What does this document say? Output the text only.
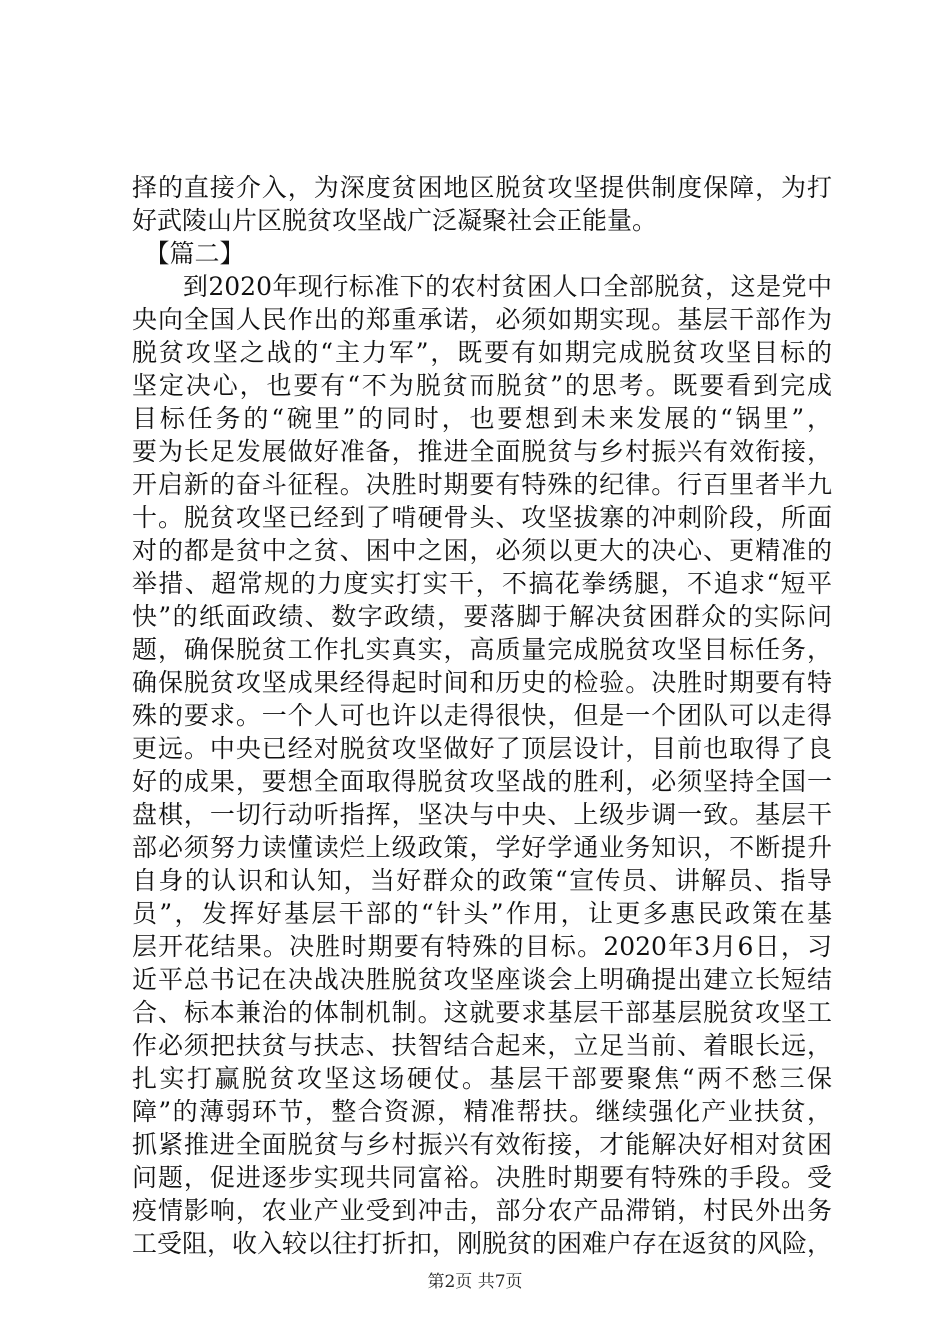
择的直接介入，为深度贫困地区脱贫攻坚提供制度保障，为打
好武陵山片区脱贫攻坚战广泛凝聚社会正能量。
　【篇二】
　　到2020年现行标准下的农村贫困人口全部脱贫，这是党中
央向全国人民作出的郑重承诺，必须如期实现。基层干部作为
脱贫攻坚之战的“主力军”，既要有如期完成脱贫攻坚目标的
坚定决心，也要有“不为脱贫而脱贫”的思考。既要看到完成
目标任务的“碗里”的同时，也要想到未来发展的“锅里”，
要为长足发展做好准备，推进全面脱贫与乡村振兴有效衔接，
开启新的奋斗征程。决胜时期要有特殊的纪律。行百里者半九
十。脱贫攻坚已经到了啃硬骨头、攻坚拔寨的冲刺阶段，所面
对的都是贫中之贫、困中之困，必须以更大的决心、更精准的
举措、超常规的力度实打实干，不搞花拳绣腿，不追求“短平
快”的纸面政绩、数字政绩，要落脚于解决贫困群众的实际问
题，确保脱贫工作扎实真实，高质量完成脱贫攻坚目标任务，
确保脱贫攻坚成果经得起时间和历史的检验。决胜时期要有特
殊的要求。一个人可也许以走得很快，但是一个团队可以走得
更远。中央已经对脱贫攻坚做好了顶层设计，目前也取得了良
好的成果，要想全面取得脱贫攻坚战的胜利，必须坚持全国一
盘棋，一切行动听指挥，坚决与中央、上级步调一致。基层干
部必须努力读懂读烂上级政策，学好学通业务知识，不断提升
自身的认识和认知，当好群众的政策“宣传员、讲解员、指导
员”，发挥好基层干部的“针头”作用，让更多惠民政策在基
层开花结果。决胜时期要有特殊的目标。2020年3月6日，习
近平总书记在决战决胜脱贫攻坚座谈会上明确提出建立长短结
合、标本兼治的体制机制。这就要求基层干部基层脱贫攻坚工
作必须把扶贫与扶志、扶智结合起来，立足当前、着眼长远，
扎实打赢脱贫攻坚这场硬仗。基层干部要聚焦“两不愁三保
障”的薄弱环节，整合资源，精准帮扶。继续强化产业扶贫，
抓紧推进全面脱贫与乡村振兴有效衔接，才能解决好相对贫困
问题，促进逐步实现共同富裕。决胜时期要有特殊的手段。受
疫情影响，农业产业受到冲击，部分农产品滞销，村民外出务
工受阻，收入较以往打折扣，刚脱贫的困难户存在返贫的风险，
第2页 共7页
